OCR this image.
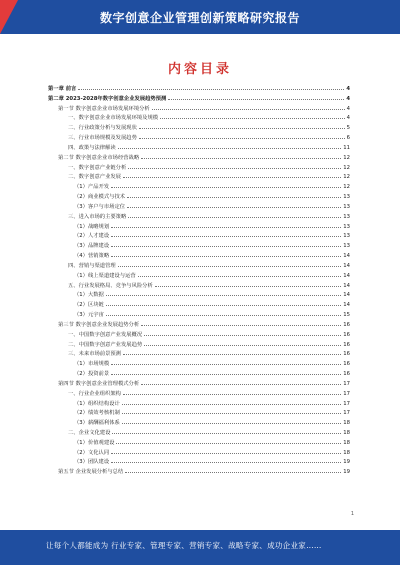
数字创意企业管理创新策略研究报告
内容目录
第一章 前言	4
第二章 2023-2028年数字创意企业发展趋势预测	4
第一节 数字创意企业市场发展环境分析	4
一、数字创意企业市场发展环境及规模	4
二、行业政策分析与发展现状	5
三、行业市场规模及发展趋势	6
四、政策与法律解读	11
第二节 数字创意企业市场经营战略	12
一、数字创意产业链分析	12
二、数字创意产业发展	12
（1）产品开发	12
（2）商业模式与技术	13
（3）客户与市场定位	13
三、进入市场的主要策略	13
（1）战略规划	13
（2）人才建设	13
（3）品牌建设	13
（4）营销策略	14
四、营销与渠道管理	14
（1）线上渠道建设与运营	14
五、行业发展格局、竞争与风险分析	14
（1）大数据	14
（2）区块链	14
（3）元宇宙	15
第三节 数字创意企业发展趋势分析	16
一、中国数字创意产业发展概况	16
二、中国数字创意产业发展趋势	16
三、未来市场前景预测	16
（1）市场规模	16
（2）投资前景	16
第四节 数字创意企业管理模式分析	17
一、行业企业组织架构	17
（1）组织结构设计	17
（2）绩效考核机制	17
（3）薪酬福利体系	18
二、企业文化建设	18
（1）价值观建设	18
（2）文化认同	18
（3）团队建设	19
第五节 企业发展分析与总结	19
1
让每个人都能成为 行业专家、管理专家、营销专家、战略专家、成功企业家……
